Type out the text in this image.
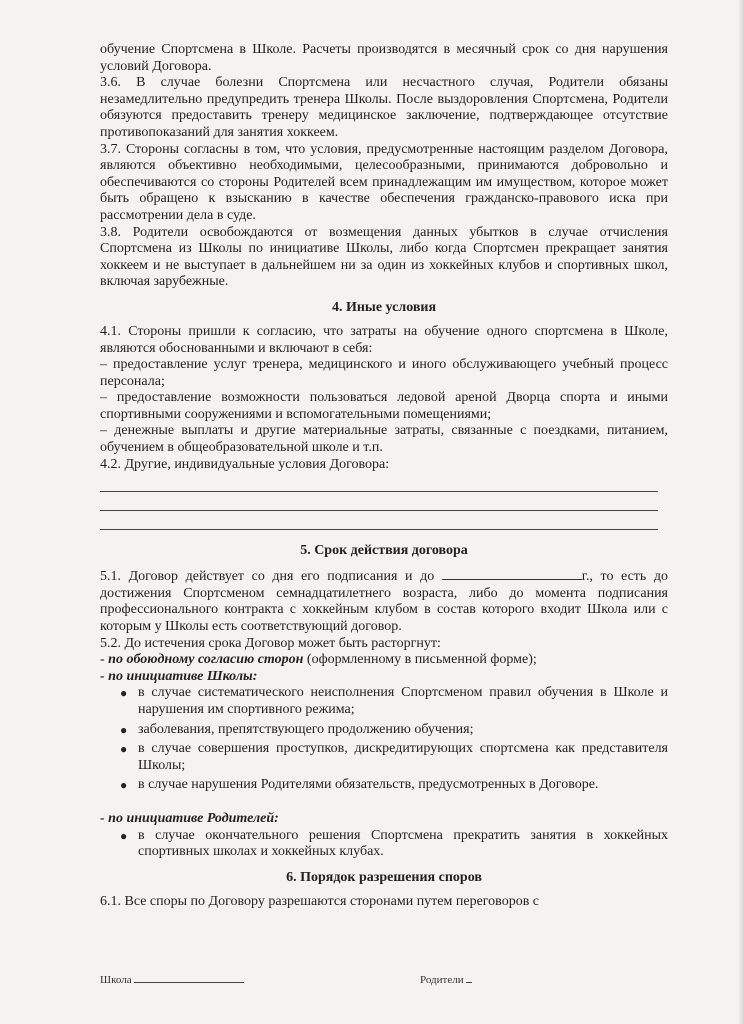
обучение Спортсмена в Школе. Расчеты производятся в месячный срок со дня нарушения условий Договора.

3.6. В случае болезни Спортсмена или несчастного случая, Родители обязаны незамедлительно предупредить тренера Школы. После выздоровления Спортсмена, Родители обязуются предоставить тренеру медицинское заключение, подтверждающее отсутствие противопоказаний для занятия хоккеем.

3.7. Стороны согласны в том, что условия, предусмотренные настоящим разделом Договора, являются объективно необходимыми, целесообразными, принимаются добровольно и обеспечиваются со стороны Родителей всем принадлежащим им имуществом, которое может быть обращено к взысканию в качестве обеспечения гражданско-правового иска при рассмотрении дела в суде.

3.8. Родители освобождаются от возмещения данных убытков в случае отчисления Спортсмена из Школы по инициативе Школы, либо когда Спортсмен прекращает занятия хоккеем и не выступает в дальнейшем ни за один из хоккейных клубов и спортивных школ, включая зарубежные.

4. Иные условия

4.1. Стороны пришли к согласию, что затраты на обучение одного спортсмена в Школе, являются обоснованными и включают в себя:

– предоставление услуг тренера, медицинского и иного обслуживающего учебный процесс персонала;

– предоставление возможности пользоваться ледовой ареной Дворца спорта и иными спортивными сооружениями и вспомогательными помещениями;

– денежные выплаты и другие материальные затраты, связанные с поездками, питанием, обучением в общеобразовательной школе и т.п.

4.2. Другие, индивидуальные условия Договора:

5. Срок действия договора

5.1. Договор действует со дня его подписания и до	г., то есть до достижения Спортсменом семнадцатилетнего возраста, либо до момента подписания профессионального контракта с хоккейным клубом в состав которого входит Школа или с которым у Школы есть соответствующий договор.

5.2. До истечения срока Договор может быть расторгнут:

- по обоюдному согласию сторон (оформленному в письменной форме);

- по инициативе Школы:

● в случае систематического неисполнения Спортсменом правил обучения в Школе и нарушения им спортивного режима;
● заболевания, препятствующего продолжению обучения;
● в случае совершения проступков, дискредитирующих спортсмена как представителя Школы;
● в случае нарушения Родителями обязательств, предусмотренных в Договоре.

- по инициативе Родителей:

● в случае окончательного решения Спортсмена прекратить занятия в хоккейных спортивных школах и хоккейных клубах.
6. Порядок разрешения споров

6.1. Все споры по Договору разрешаются сторонами путем переговоров с

Школа	Родители
